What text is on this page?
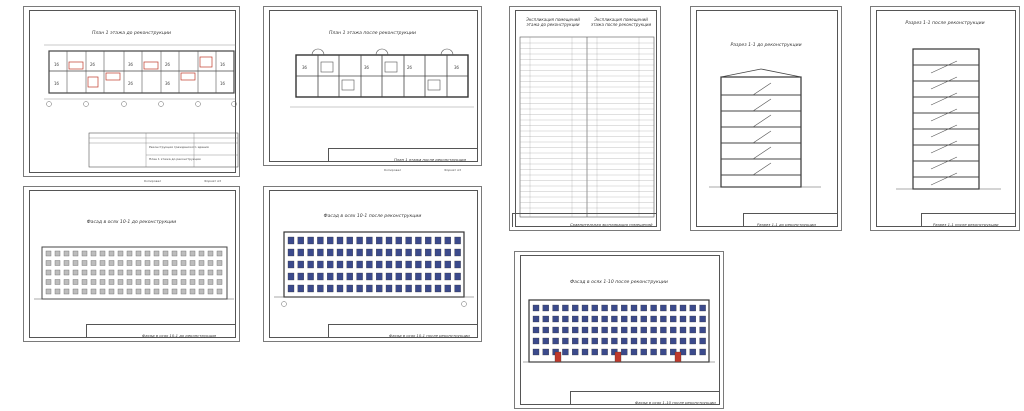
План 1 этажа до реконструкции
1б	2б	3б	2б	1б
1б	2б	3б	1б
Реконструкция гражданского здания
План 1 этажа до реконструкции
Копировал	Формат А3
План 1 этажа после реконструкции
3б	3б	2б	3б
План 1 этажа после реконструкции
Копировал	Формат А3
Фасад в осях 10-1 до реконструкции
Фасад в осях 10-1 до реконструкции
Фасад в осях 10-1 после реконструкции
Фасад в осях 10-1 после реконструкции
Экспликация помещений этажа до реконструкции
Экспликация помещений этажа после реконструкции
Сравнительная экспликация помещений
Разрез 1-1 до реконструкции
Разрез 1-1 до реконструкции
Разрез 1-1 после реконструкции
Разрез 1-1 после реконструкции
Фасад в осях 1-10 после реконструкции
Фасад в осях 1-10 после реконструкции
